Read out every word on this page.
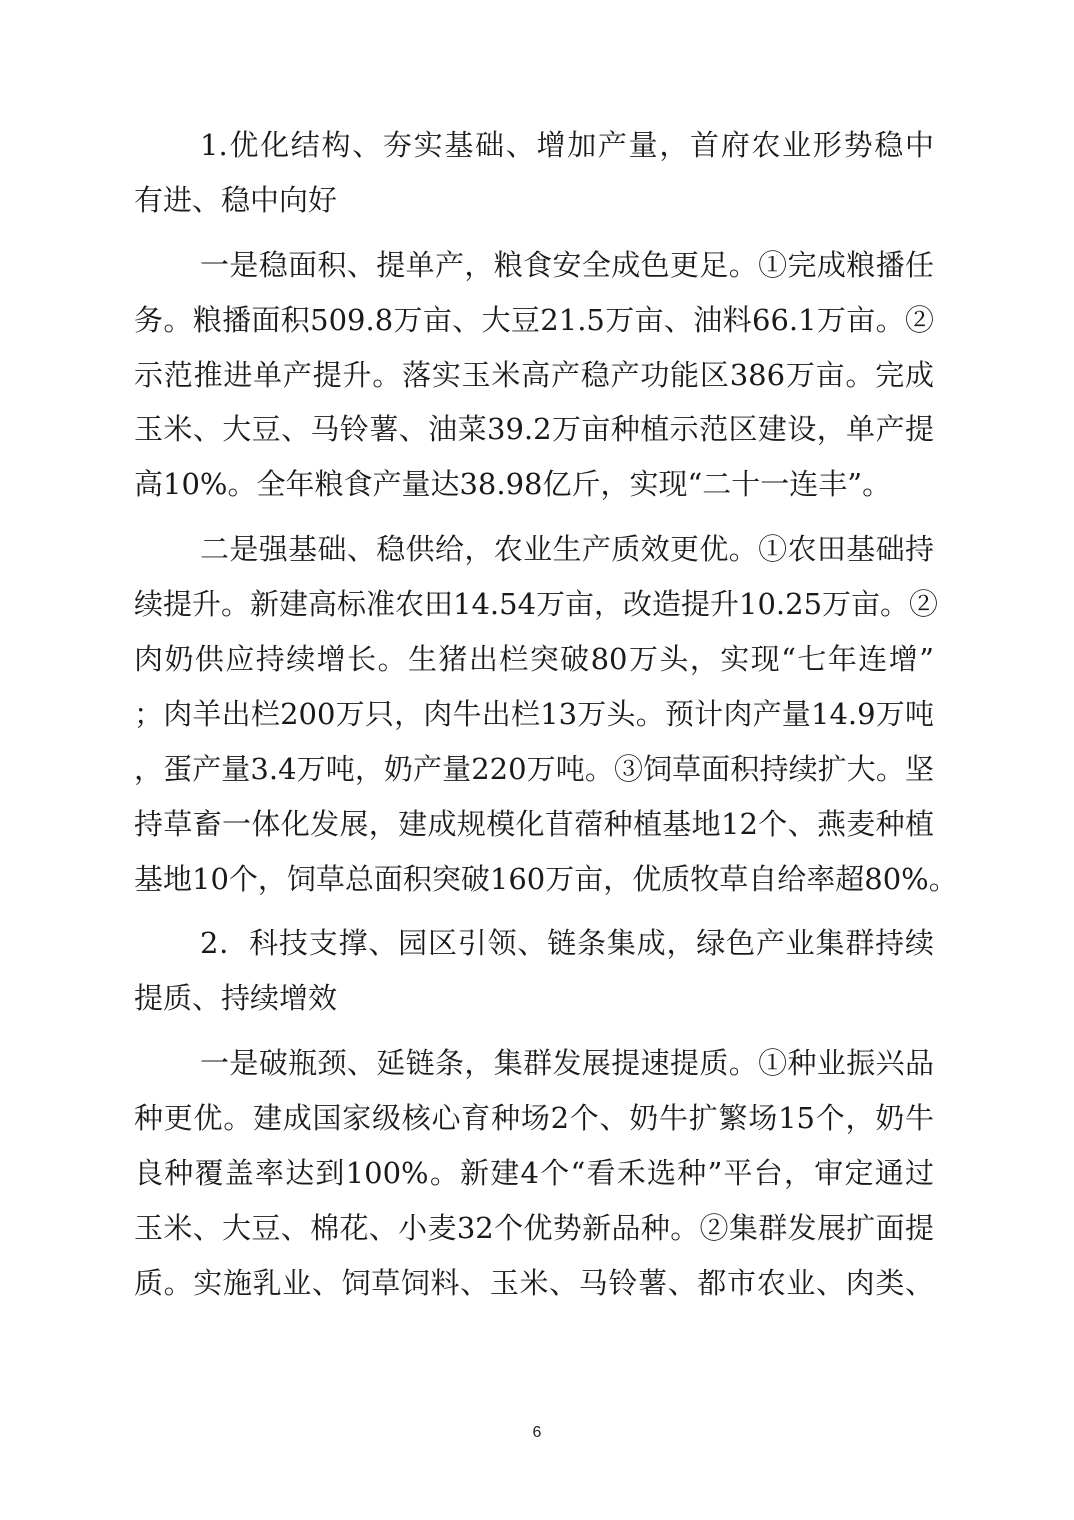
1.优化结构、夯实基础、增加产量，首府农业形势稳中
有进、稳中向好
一是稳面积、提单产，粮食安全成色更足。①完成粮播任
务。粮播面积509.8万亩、大豆21.5万亩、油料66.1万亩。②
示范推进单产提升。落实玉米高产稳产功能区386万亩。完成
玉米、大豆、马铃薯、油菜39.2万亩种植示范区建设，单产提
高10%。全年粮食产量达38.98亿斤，实现“二十一连丰”。
二是强基础、稳供给，农业生产质效更优。①农田基础持
续提升。新建高标准农田14.54万亩，改造提升10.25万亩。②
肉奶供应持续增长。生猪出栏突破80万头，实现“七年连增”
；肉羊出栏200万只，肉牛出栏13万头。预计肉产量14.9万吨
，蛋产量3.4万吨，奶产量220万吨。③饲草面积持续扩大。坚
持草畜一体化发展，建成规模化苜蓿种植基地12个、燕麦种植
基地10个，饲草总面积突破160万亩，优质牧草自给率超80%。
2．科技支撑、园区引领、链条集成，绿色产业集群持续
提质、持续增效
一是破瓶颈、延链条，集群发展提速提质。①种业振兴品
种更优。建成国家级核心育种场2个、奶牛扩繁场15个，奶牛
良种覆盖率达到100%。新建4个“看禾选种”平台，审定通过
玉米、大豆、棉花、小麦32个优势新品种。②集群发展扩面提
质。实施乳业、饲草饲料、玉米、马铃薯、都市农业、肉类、
6
